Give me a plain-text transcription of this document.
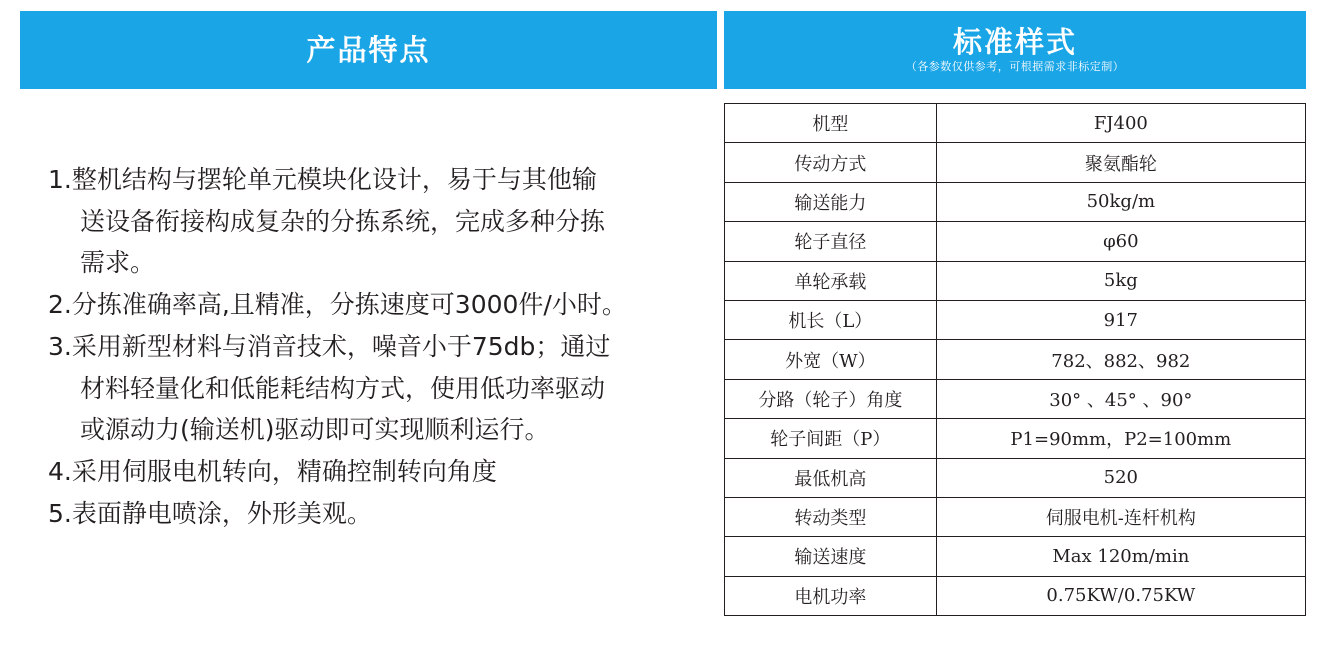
产品特点	标准样式
（各参数仅供参考，可根据需求非标定制）
1.整机结构与摆轮单元模块化设计，易于与其他输
送设备衔接构成复杂的分拣系统，完成多种分拣
需求。
2.分拣准确率高,且精准，分拣速度可3000件/小时。
3.采用新型材料与消音技术，噪音小于75db；通过
材料轻量化和低能耗结构方式，使用低功率驱动
或源动力(输送机)驱动即可实现顺利运行。
4.采用伺服电机转向，精确控制转向角度
5.表面静电喷涂，外形美观。
机型	FJ400
传动方式	聚氨酯轮
输送能力	50kg/m
轮子直径	φ60
单轮承载	5kg
机长（L）	917
外宽（W）	782、882、982
分路（轮子）角度	30° 、45° 、90°
轮子间距（P）	P1=90mm，P2=100mm
最低机高	520
转动类型	伺服电机-连杆机构
输送速度	Max 120m/min
电机功率	0.75KW/0.75KW
